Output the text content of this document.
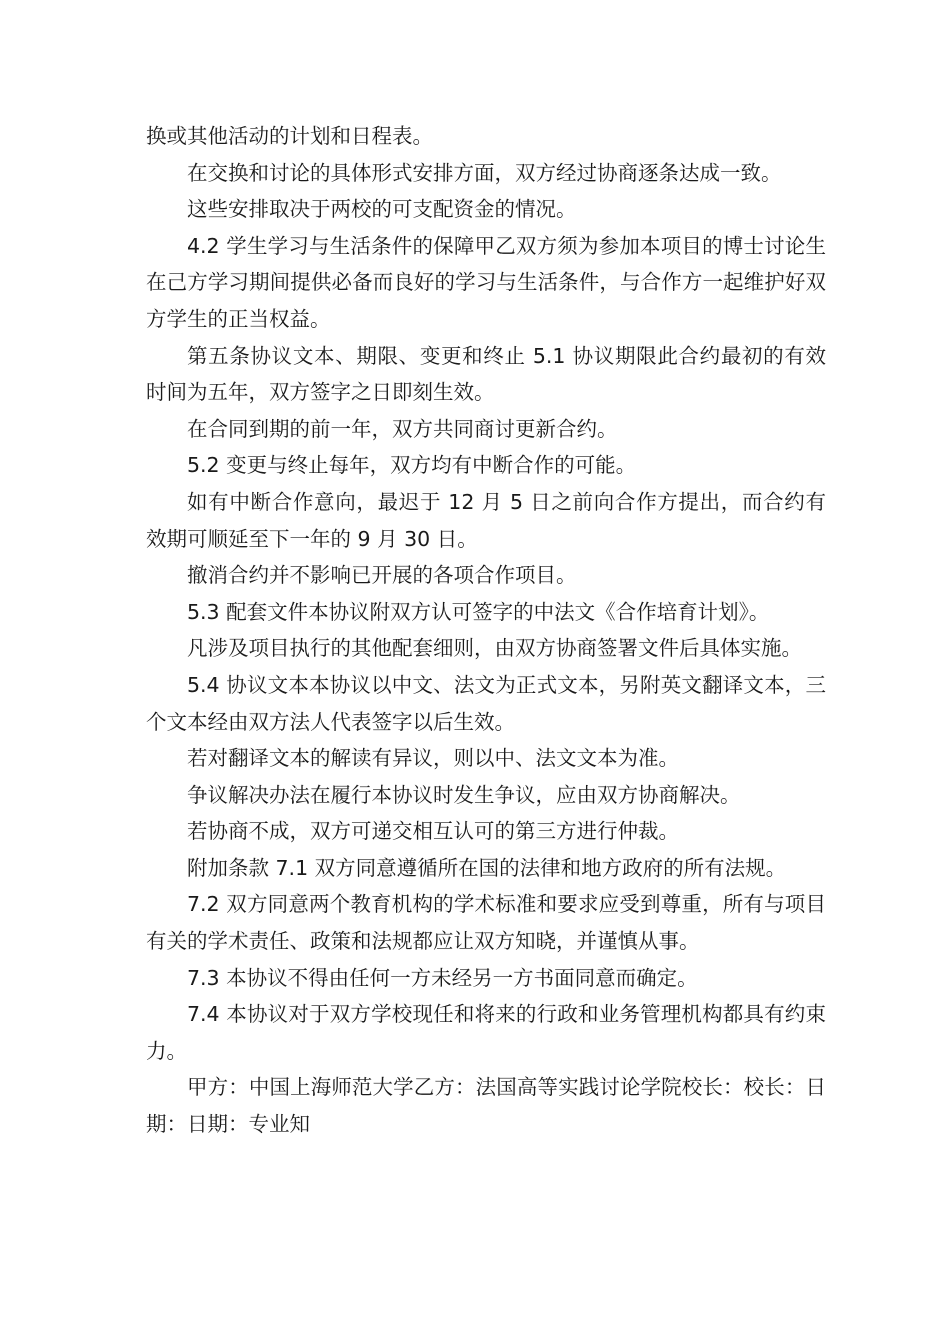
换或其他活动的计划和日程表。

在交换和讨论的具体形式安排方面，双方经过协商逐条达成一致。

这些安排取决于两校的可支配资金的情况。

4.2 学生学习与生活条件的保障甲乙双方须为参加本项目的博士讨论生在己方学习期间提供必备而良好的学习与生活条件，与合作方一起维护好双方学生的正当权益。

第五条协议文本、期限、变更和终止 5.1 协议期限此合约最初的有效时间为五年，双方签字之日即刻生效。

在合同到期的前一年，双方共同商讨更新合约。

5.2 变更与终止每年，双方均有中断合作的可能。

如有中断合作意向，最迟于 12 月 5 日之前向合作方提出，而合约有效期可顺延至下一年的 9 月 30 日。

撤消合约并不影响已开展的各项合作项目。

5.3 配套文件本协议附双方认可签字的中法文《合作培育计划》。

凡涉及项目执行的其他配套细则，由双方协商签署文件后具体实施。

5.4 协议文本本协议以中文、法文为正式文本，另附英文翻译文本，三个文本经由双方法人代表签字以后生效。

若对翻译文本的解读有异议，则以中、法文文本为准。

争议解决办法在履行本协议时发生争议，应由双方协商解决。

若协商不成，双方可递交相互认可的第三方进行仲裁。

附加条款 7.1 双方同意遵循所在国的法律和地方政府的所有法规。

7.2 双方同意两个教育机构的学术标准和要求应受到尊重，所有与项目有关的学术责任、政策和法规都应让双方知晓，并谨慎从事。

7.3 本协议不得由任何一方未经另一方书面同意而确定。

7.4 本协议对于双方学校现任和将来的行政和业务管理机构都具有约束力。

甲方：中国上海师范大学乙方：法国高等实践讨论学院校长：校长：日期：日期：专业知
